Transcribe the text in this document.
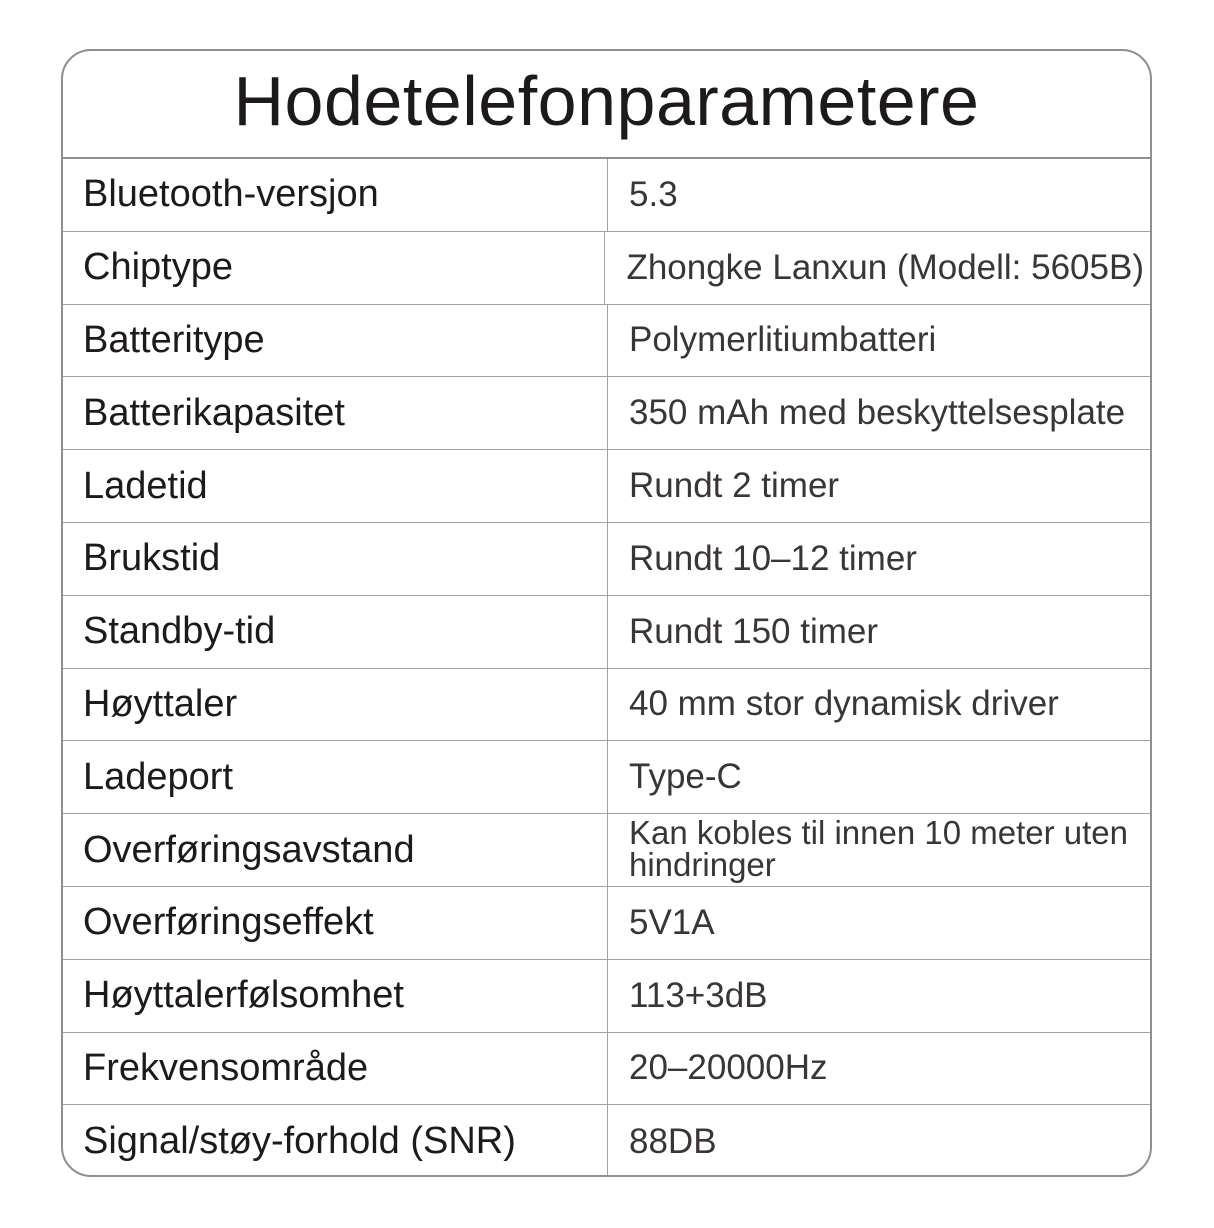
Hodetelefonparametere
Bluetooth-versjon	5.3
Chiptype	Zhongke Lanxun (Modell: 5605B)
Batteritype	Polymerlitiumbatteri
Batterikapasitet	350 mAh med beskyttelsesplate
Ladetid	Rundt 2 timer
Brukstid	Rundt 10–12 timer
Standby-tid	Rundt 150 timer
Høyttaler	40 mm stor dynamisk driver
Ladeport	Type-C
Overføringsavstand	Kan kobles til innen 10 meter uten hindringer
Overføringseffekt	5V1A
Høyttalerfølsomhet	113+3dB
Frekvensområde	20–20000Hz
Signal/støy-forhold (SNR)	88DB
